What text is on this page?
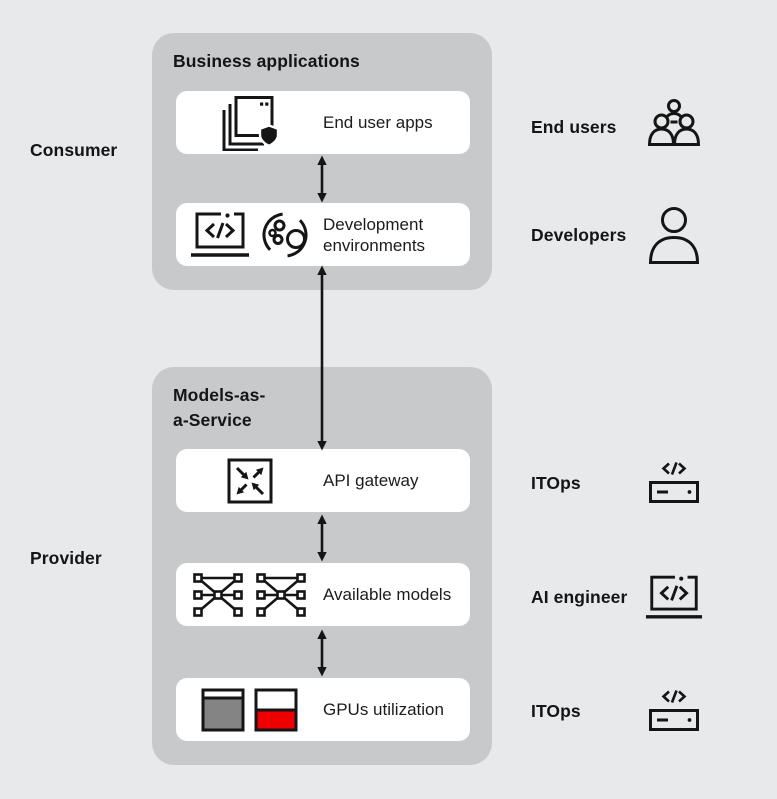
Consumer
Provider
Business applications
End user apps
Development environments
Models-as-
a-Service
API gateway
Available models
GPUs utilization
End users
Developers
ITOps
AI engineer
ITOps
